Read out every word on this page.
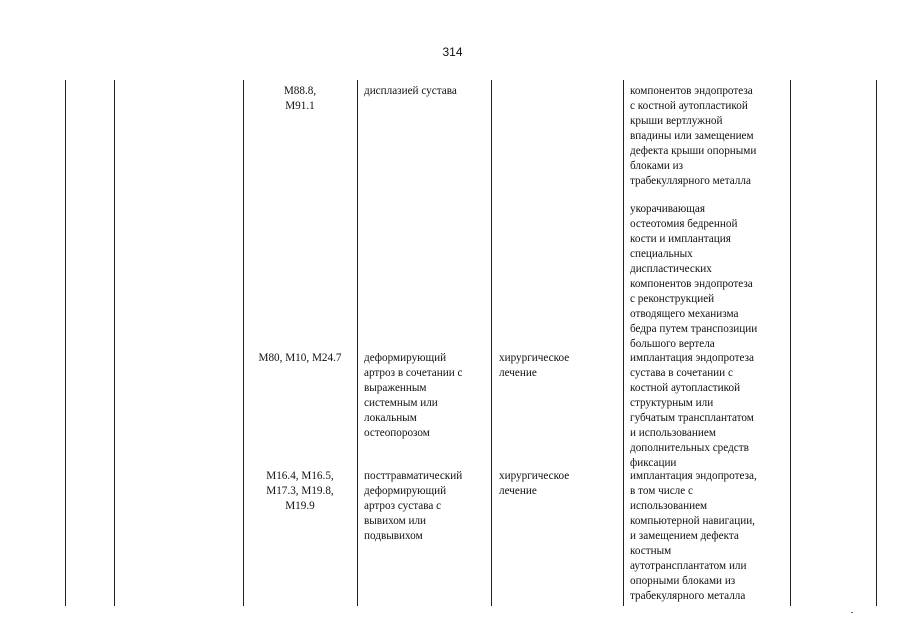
314

M88.8,
M91.1

дисплазией сустава	компонентов эндопротеза
с костной аутопластикой
крыши вертлужной
впадины или замещением
дефекта крыши опорными
блоками из
трабекуллярного металла

укорачивающая
остеотомия бедренной
кости и имплантация
специальных
диспластических
компонентов эндопротеза
с реконструкцией
отводящего механизма
бедра путем транспозиции
большого вертела

M80, M10, M24.7	деформирующий
артроз в сочетании с
выраженным
системным или
локальным
остеопорозом

хирургическое
лечение

имплантация эндопротеза
сустава в сочетании с
костной аутопластикой
структурным или
губчатым трансплантатом
и использованием
дополнительных средств
фиксации

M16.4, M16.5,
M17.3, M19.8,
M19.9

посттравматический
деформирующий
артроз сустава с
вывихом или
подвывихом

хирургическое
лечение

имплантация эндопротеза,
в том числе с
использованием
компьютерной навигации,
и замещением дефекта
костным
аутотрансплантатом или
опорными блоками из
трабекулярного металла
